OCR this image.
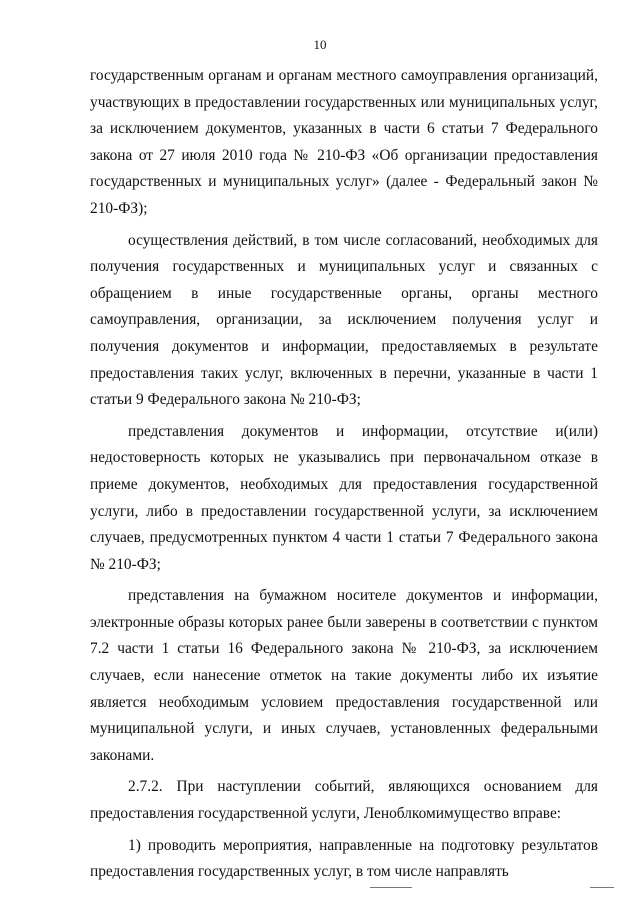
10

государственным органам и органам местного самоуправления организаций, участвующих в предоставлении государственных или муниципальных услуг, за исключением документов, указанных в части 6 статьи 7 Федерального закона от 27 июля 2010 года № 210-ФЗ «Об организации предоставления государственных и муниципальных услуг» (далее - Федеральный закон № 210-ФЗ);

осуществления действий, в том числе согласований, необходимых для получения государственных и муниципальных услуг и связанных с обращением в иные государственные органы, органы местного самоуправления, организации, за исключением получения услуг и получения документов и информации, предоставляемых в результате предоставления таких услуг, включенных в перечни, указанные в части 1 статьи 9 Федерального закона № 210-ФЗ;

представления документов и информации, отсутствие и(или) недостоверность которых не указывались при первоначальном отказе в приеме документов, необходимых для предоставления государственной услуги, либо в предоставлении государственной услуги, за исключением случаев, предусмотренных пунктом 4 части 1 статьи 7 Федерального закона № 210-ФЗ;

представления на бумажном носителе документов и информации, электронные образы которых ранее были заверены в соответствии с пунктом 7.2 части 1 статьи 16 Федерального закона № 210-ФЗ, за исключением случаев, если нанесение отметок на такие документы либо их изъятие является необходимым условием предоставления государственной или муниципальной услуги, и иных случаев, установленных федеральными законами.

2.7.2. При наступлении событий, являющихся основанием для предоставления государственной услуги, Леноблкомимущество вправе:

1) проводить мероприятия, направленные на подготовку результатов предоставления государственных услуг, в том числе направлять
